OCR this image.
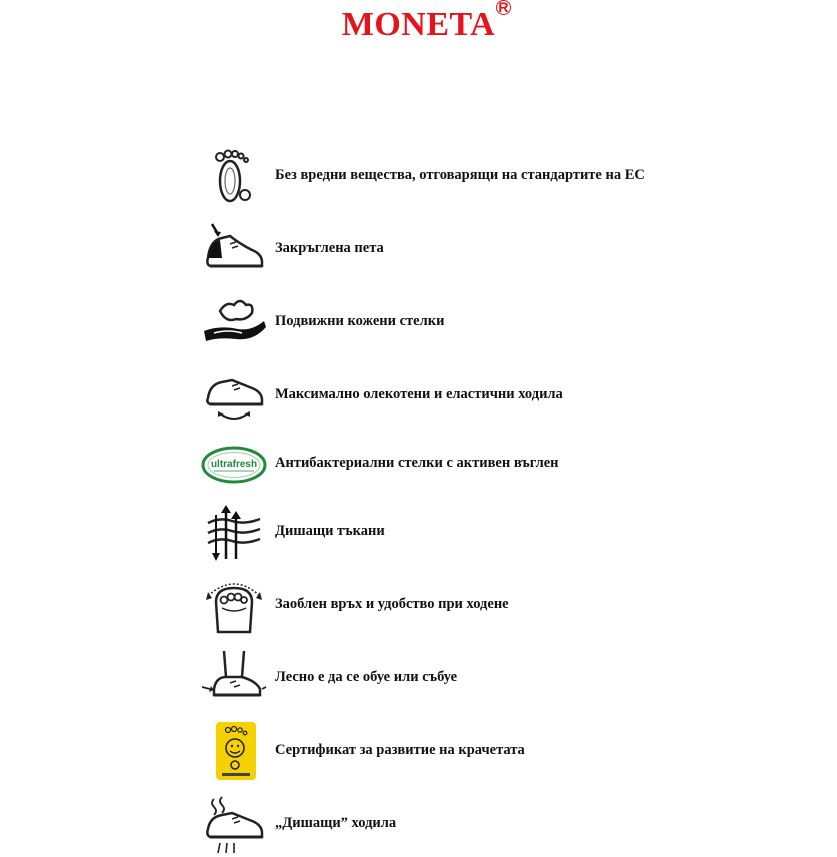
MONETA R
Без вредни вещества, отговарящи на стандартите на ЕС
Закръглена пета
Подвижни кожени стелки
Максимално олекотени и еластични ходила
ultrafresh Антибактериални стелки с активен въглен
Дишащи тъкани
Заоблен връх и удобство при ходене
Лесно е да се обуе или събуе
Сертификат за развитие на крачетата
„Дишащи” ходила
